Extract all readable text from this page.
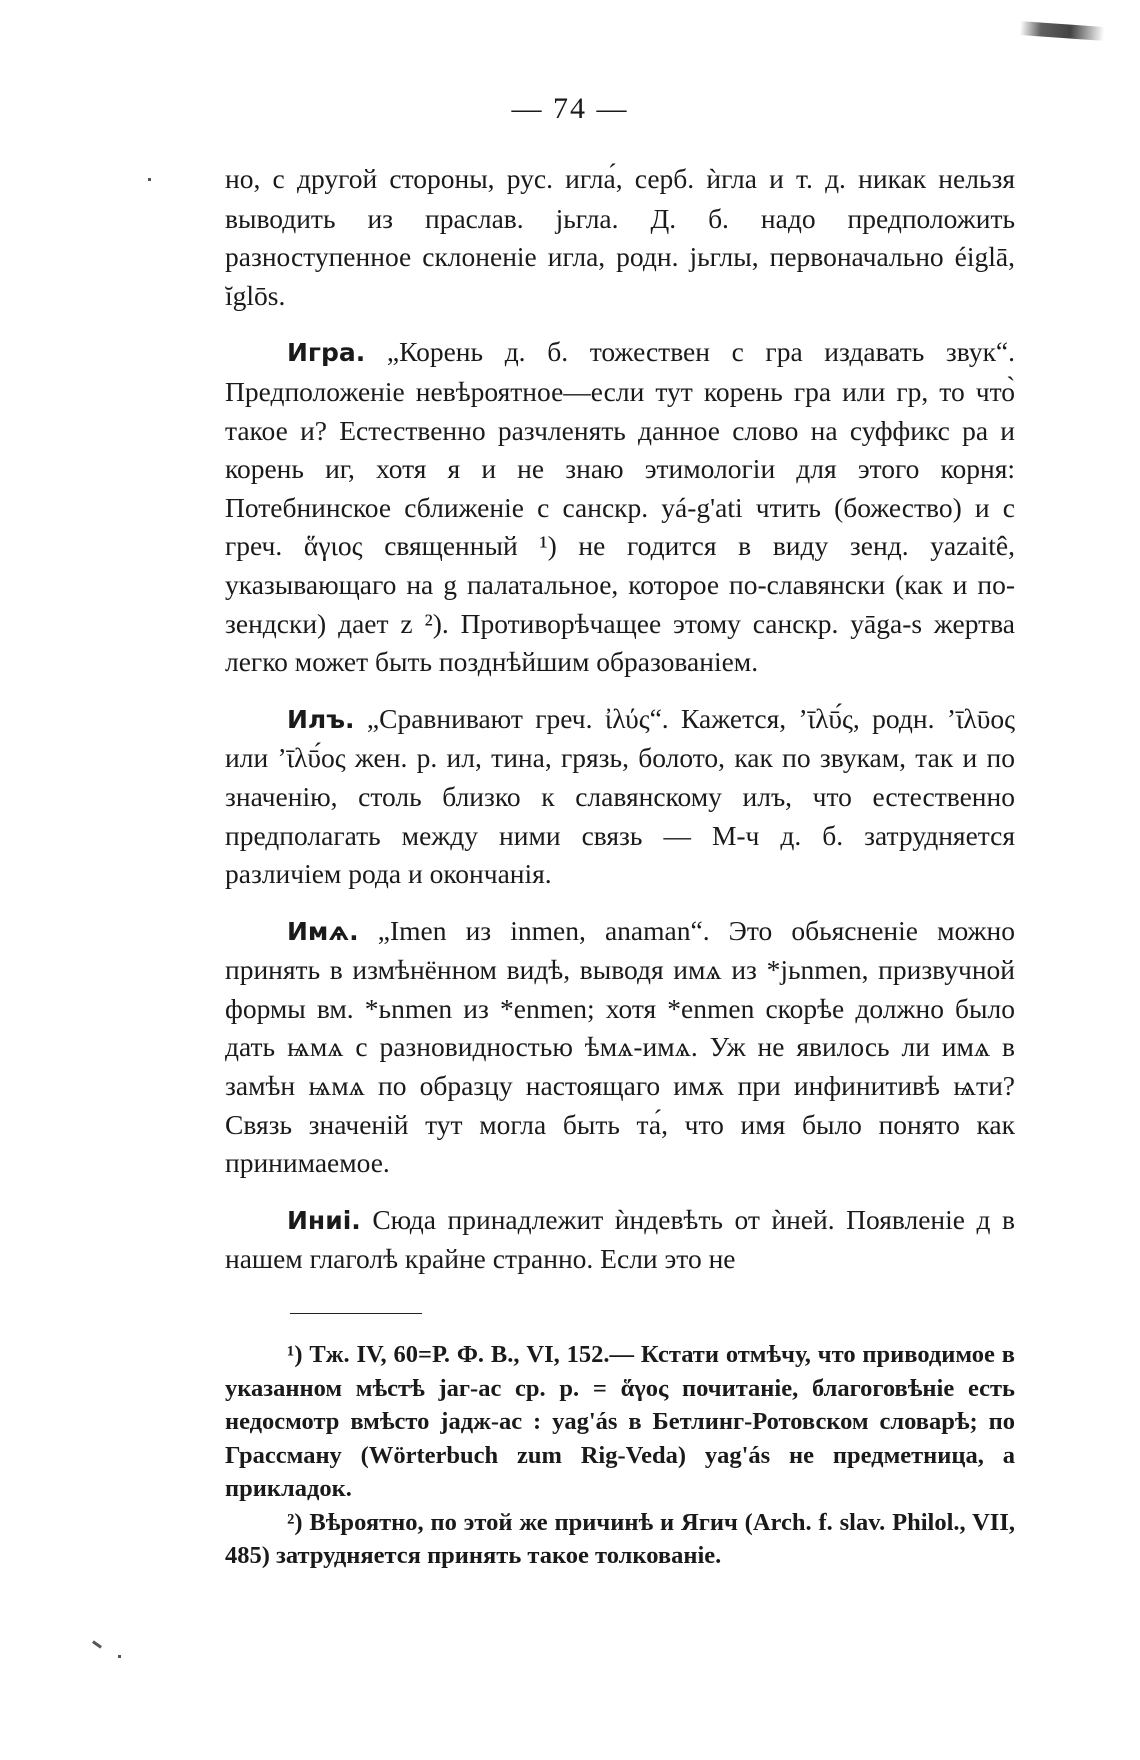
— 74 —

но, с другой стороны, рус. игла́, серб. ѝгла и т. д. никак нельзя выводить из праслав. јьгла. Д. б. надо предположить разноступенное склоненіе игла, родн. јьглы, первоначально éiglā, ĭglōs.

Игра. „Корень д. б. тожествен с гра издавать звук“. Предположеніе невѣроятное—если тут корень гра или гр, то что̀ такое и? Естественно разчленять данное слово на суффикс ра и корень иг, хотя я и не знаю этимологіи для этого корня: Потебнинское сближеніе с санскр. yá-g'ati чтить (божество) и с греч. ἅγιος священный ¹) не годится в виду зенд. yazaitê, указывающаго на g палатальное, которое по-славянски (как и по-зендски) дает z ²). Противорѣчащее этому санскр. yāga-s жертва легко может быть позднѣйшим образованіем.

Илъ. „Сравнивают греч. ἰλύς“. Кажется, ’ῑλῡ́ς, родн. ’ῑλῡος или ’ῑλῡ́ος жен. р. ил, тина, грязь, болото, как по звукам, так и по значенію, столь близко к славянскому илъ, что естественно предполагать между ними связь — М-ч д. б. затрудняется различіем рода и окончанія.

Имѧ. „Imen из inmen, anaman“. Это обьясненіе можно принять в измѣнённом видѣ, выводя имѧ из *jьnmen, призвучной формы вм. *ьnmen из *enmen; хотя *enmen скорѣе должно было дать ѩмѧ с разновидностью ѣмѧ-имѧ. Уж не явилось ли имѧ в замѣн ѩмѧ по образцу настоящаго имѫ при инфинитивѣ ѩти? Связь значеній тут могла быть та́, что имя было понято как принимаемое.

Иниі. Сюда принадлежит ѝндевѣть от ѝней. Появленіе д в нашем глаголѣ крайне странно. Если это не

¹) Тж. IV, 60=Р. Ф. В., VI, 152.— Кстати отмѣчу, что приводимое в указанном мѣстѣ јаг-ас ср. р. = ἅγος почитаніе, благоговѣніе есть недосмотр вмѣсто јадж-ас : yag'ás в Бетлинг-Ротовском словарѣ; по Грассману (Wörterbuch zum Rig-Veda) yag'ás не предметница, а прикладок.

²) Вѣроятно, по этой же причинѣ и Ягич (Arch. f. slav. Philol., VII, 485) затрудняется принять такое толкованіе.
